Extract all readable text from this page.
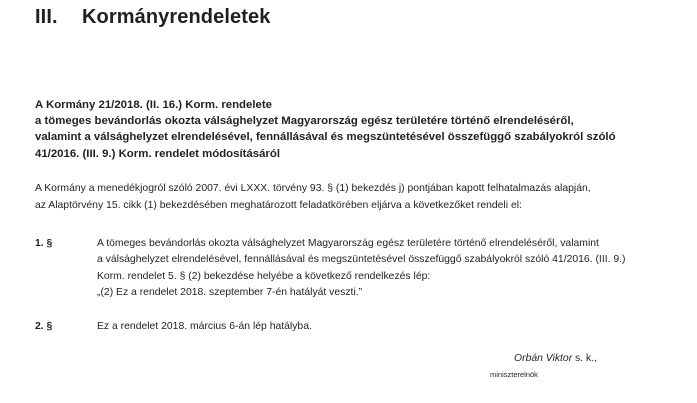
III. Kormányrendeletek
A Kormány 21/2018. (II. 16.) Korm. rendelete
a tömeges bevándorlás okozta válsághelyzet Magyarország egész területére történő elrendeléséről,
valamint a válsághelyzet elrendelésével, fennállásával és megszüntetésével összefüggő szabályokról szóló
41/2016. (III. 9.) Korm. rendelet módosításáról
A Kormány a menedékjogról szóló 2007. évi LXXX. törvény 93. § (1) bekezdés j) pontjában kapott felhatalmazás alapján,
az Alaptörvény 15. cikk (1) bekezdésében meghatározott feladatkörében eljárva a következőket rendeli el:
1. §	A tömeges bevándorlás okozta válsághelyzet Magyarország egész területére történő elrendeléséről, valamint
a válsághelyzet elrendelésével, fennállásával és megszüntetésével összefüggő szabályokról szóló 41/2016. (III. 9.)
Korm. rendelet 5. § (2) bekezdése helyébe a következő rendelkezés lép:
„(2) Ez a rendelet 2018. szeptember 7-én hatályát veszti.”
2. §	Ez a rendelet 2018. március 6-án lép hatályba.
Orbán Viktor s. k.,
miniszterelnök
